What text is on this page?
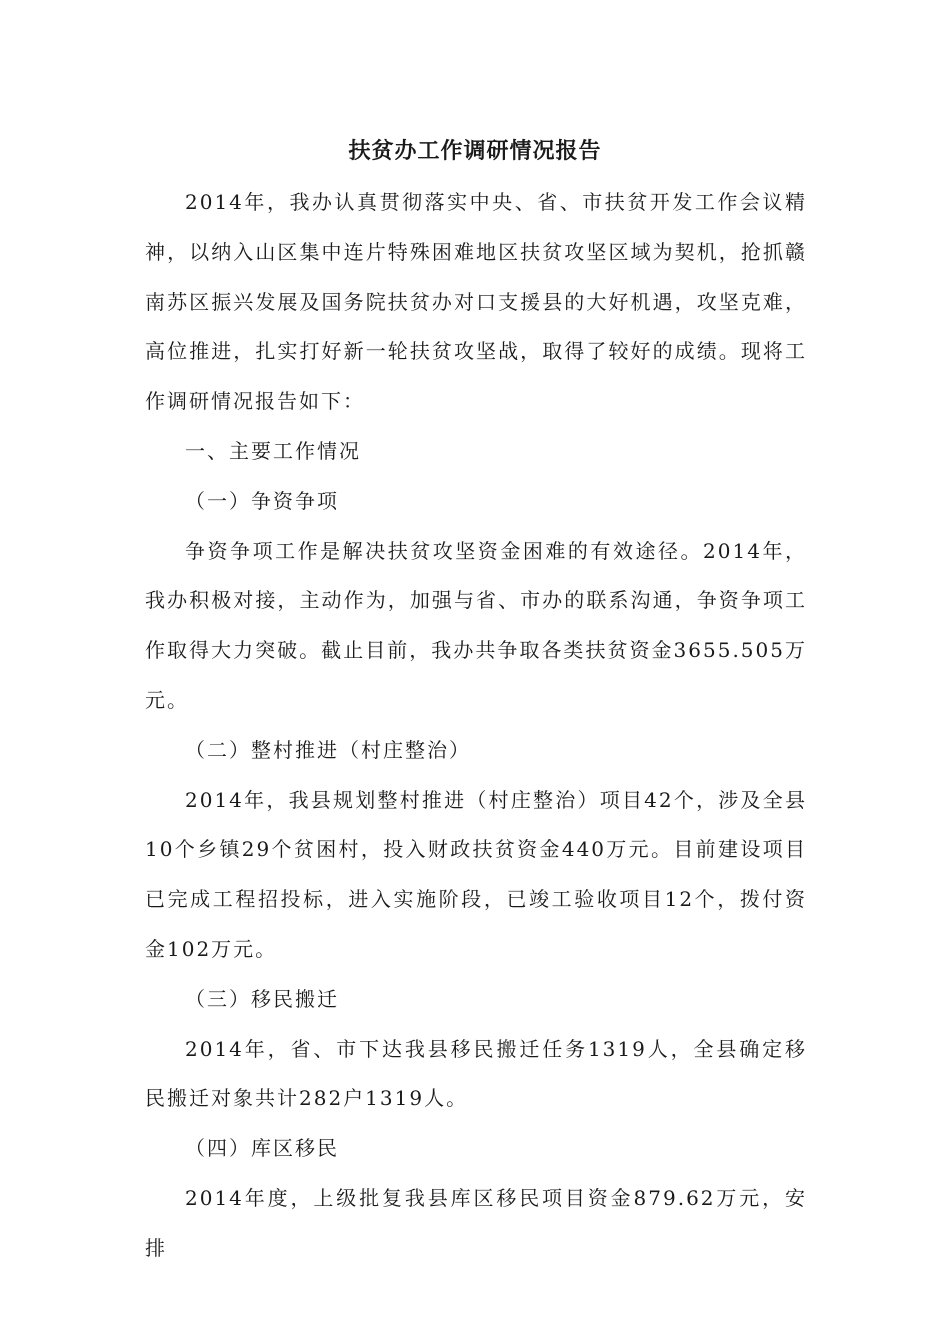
扶贫办工作调研情况报告

2014年，我办认真贯彻落实中央、省、市扶贫开发工作会议精神，以纳入山区集中连片特殊困难地区扶贫攻坚区域为契机，抢抓赣南苏区振兴发展及国务院扶贫办对口支援县的大好机遇，攻坚克难，高位推进，扎实打好新一轮扶贫攻坚战，取得了较好的成绩。现将工作调研情况报告如下：

一、主要工作情况

（一）争资争项

争资争项工作是解决扶贫攻坚资金困难的有效途径。2014年，我办积极对接，主动作为，加强与省、市办的联系沟通，争资争项工作取得大力突破。截止目前，我办共争取各类扶贫资金3655.505万元。

（二）整村推进（村庄整治）

2014年，我县规划整村推进（村庄整治）项目42个，涉及全县10个乡镇29个贫困村，投入财政扶贫资金440万元。目前建设项目已完成工程招投标，进入实施阶段，已竣工验收项目12个，拨付资金102万元。

（三）移民搬迁

2014年，省、市下达我县移民搬迁任务1319人，全县确定移民搬迁对象共计282户1319人。

（四）库区移民

2014年度，上级批复我县库区移民项目资金879.62万元，安排
